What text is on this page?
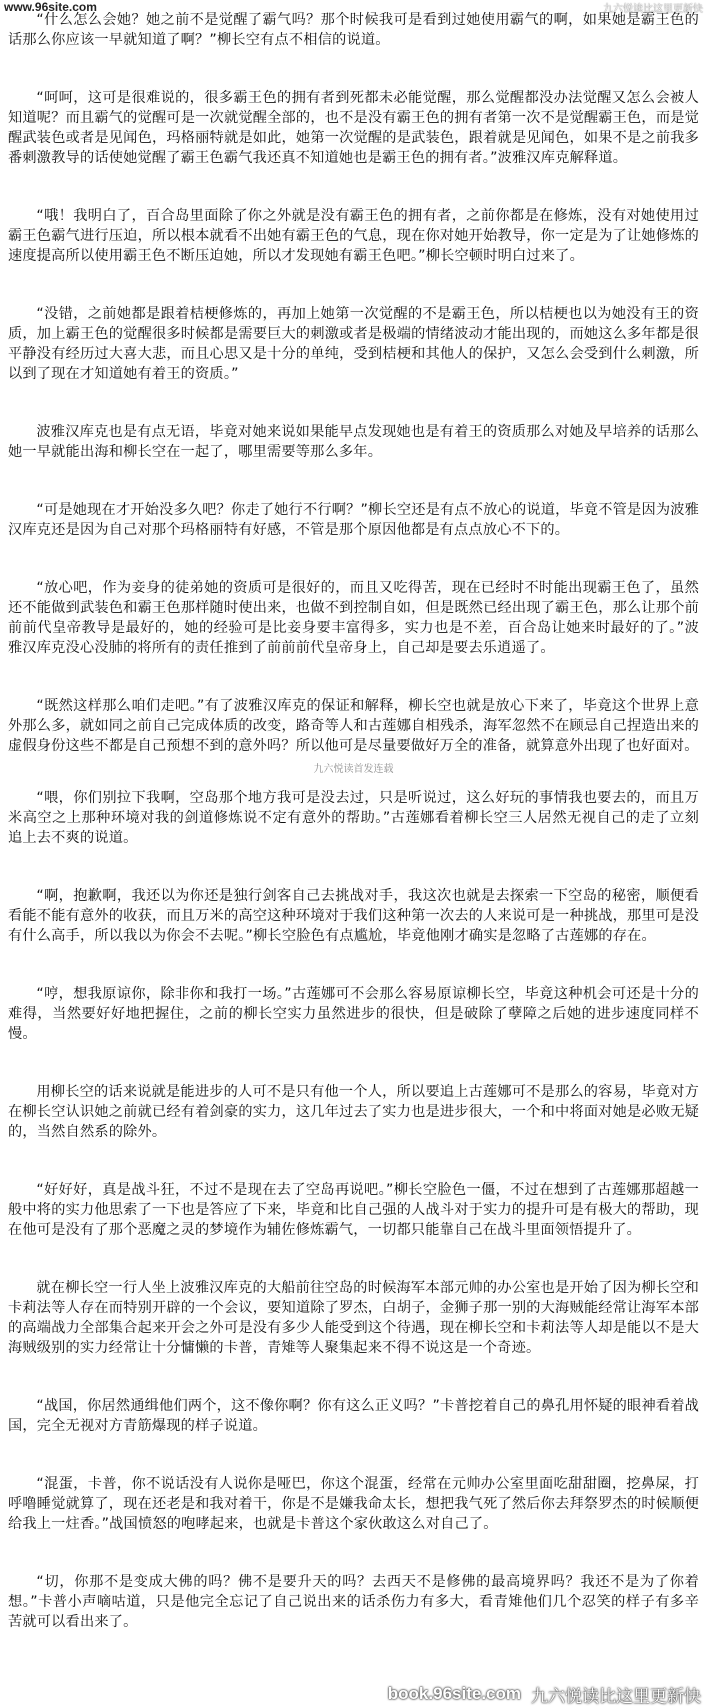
www.96site.com	九六悦读比这里更新快

“什么怎么会她？她之前不是觉醒了霸气吗？那个时候我可是看到过她使用霸气的啊，如果她是霸王色的话那么你应该一早就知道了啊？”柳长空有点不相信的说道。

“呵呵，这可是很难说的，很多霸王色的拥有者到死都未必能觉醒，那么觉醒都没办法觉醒又怎么会被人知道呢？而且霸气的觉醒可是一次就觉醒全部的，也不是没有霸王色的拥有者第一次不是觉醒霸王色，而是觉醒武装色或者是见闻色，玛格丽特就是如此，她第一次觉醒的是武装色，跟着就是见闻色，如果不是之前我多番刺激教导的话使她觉醒了霸王色霸气我还真不知道她也是霸王色的拥有者。”波雅汉库克解释道。

“哦！我明白了，百合岛里面除了你之外就是没有霸王色的拥有者，之前你都是在修炼，没有对她使用过霸王色霸气进行压迫，所以根本就看不出她有霸王色的气息，现在你对她开始教导，你一定是为了让她修炼的速度提高所以使用霸王色不断压迫她，所以才发现她有霸王色吧。”柳长空顿时明白过来了。

“没错，之前她都是跟着桔梗修炼的，再加上她第一次觉醒的不是霸王色，所以桔梗也以为她没有王的资质，加上霸王色的觉醒很多时候都是需要巨大的刺激或者是极端的情绪波动才能出现的，而她这么多年都是很平静没有经历过大喜大悲，而且心思又是十分的单纯，受到桔梗和其他人的保护，又怎么会受到什么刺激，所以到了现在才知道她有着王的资质。”

波雅汉库克也是有点无语，毕竟对她来说如果能早点发现她也是有着王的资质那么对她及早培养的话那么她一早就能出海和柳长空在一起了，哪里需要等那么多年。

“可是她现在才开始没多久吧？你走了她行不行啊？”柳长空还是有点不放心的说道，毕竟不管是因为波雅汉库克还是因为自己对那个玛格丽特有好感，不管是那个原因他都是有点点放心不下的。

“放心吧，作为妾身的徒弟她的资质可是很好的，而且又吃得苦，现在已经时不时能出现霸王色了，虽然还不能做到武装色和霸王色那样随时使出来，也做不到控制自如，但是既然已经出现了霸王色，那么让那个前前前代皇帝教导是最好的，她的经验可是比妾身要丰富得多，实力也是不差，百合岛让她来时最好的了。”波雅汉库克没心没肺的将所有的责任推到了前前前代皇帝身上，自己却是要去乐逍遥了。

“既然这样那么咱们走吧。”有了波雅汉库克的保证和解释，柳长空也就是放心下来了，毕竟这个世界上意外那么多，就如同之前自己完成体质的改变，路奇等人和古莲娜自相残杀，海军忽然不在顾忌自己捏造出来的虚假身份这些不都是自己预想不到的意外吗？所以他可是尽量要做好万全的准备，就算意外出现了也好面对。

九六悦读首发连载

“喂，你们别拉下我啊，空岛那个地方我可是没去过，只是听说过，这么好玩的事情我也要去的，而且万米高空之上那种环境对我的剑道修炼说不定有意外的帮助。”古莲娜看着柳长空三人居然无视自己的走了立刻追上去不爽的说道。

“啊，抱歉啊，我还以为你还是独行剑客自己去挑战对手，我这次也就是去探索一下空岛的秘密，顺便看看能不能有意外的收获，而且万米的高空这种环境对于我们这种第一次去的人来说可是一种挑战，那里可是没有什么高手，所以我以为你会不去呢。”柳长空脸色有点尴尬，毕竟他刚才确实是忽略了古莲娜的存在。

“哼，想我原谅你，除非你和我打一场。”古莲娜可不会那么容易原谅柳长空，毕竟这种机会可还是十分的难得，当然要好好地把握住，之前的柳长空实力虽然进步的很快，但是破除了孽障之后她的进步速度同样不慢。

用柳长空的话来说就是能进步的人可不是只有他一个人，所以要追上古莲娜可不是那么的容易，毕竟对方在柳长空认识她之前就已经有着剑豪的实力，这几年过去了实力也是进步很大，一个和中将面对她是必败无疑的，当然自然系的除外。

“好好好，真是战斗狂，不过不是现在去了空岛再说吧。”柳长空脸色一僵，不过在想到了古莲娜那超越一般中将的实力他思索了一下也是答应了下来，毕竟和比自己强的人战斗对于实力的提升可是有极大的帮助，现在他可是没有了那个恶魔之灵的梦境作为辅佐修炼霸气，一切都只能靠自己在战斗里面领悟提升了。

就在柳长空一行人坐上波雅汉库克的大船前往空岛的时候海军本部元帅的办公室也是开始了因为柳长空和卡莉法等人存在而特别开辟的一个会议，要知道除了罗杰，白胡子，金狮子那一别的大海贼能经常让海军本部的高端战力全部集合起来开会之外可是没有多少人能受到这个待遇，现在柳长空和卡莉法等人却是能以不是大海贼级别的实力经常让十分慵懒的卡普，青雉等人聚集起来不得不说这是一个奇迹。

“战国，你居然通缉他们两个，这不像你啊？你有这么正义吗？”卡普挖着自己的鼻孔用怀疑的眼神看着战国，完全无视对方青筋爆现的样子说道。

“混蛋，卡普，你不说话没有人说你是哑巴，你这个混蛋，经常在元帅办公室里面吃甜甜圈，挖鼻屎，打呼噜睡觉就算了，现在还老是和我对着干，你是不是嫌我命太长，想把我气死了然后你去拜祭罗杰的时候顺便给我上一炷香。”战国愤怒的咆哮起来，也就是卡普这个家伙敢这么对自己了。

“切，你那不是变成大佛的吗？佛不是要升天的吗？去西天不是修佛的最高境界吗？我还不是为了你着想。”卡普小声嘀咕道，只是他完全忘记了自己说出来的话杀伤力有多大，看青雉他们几个忍笑的样子有多辛苦就可以看出来了。

book.96site.com 九六悦读比这里更新快
